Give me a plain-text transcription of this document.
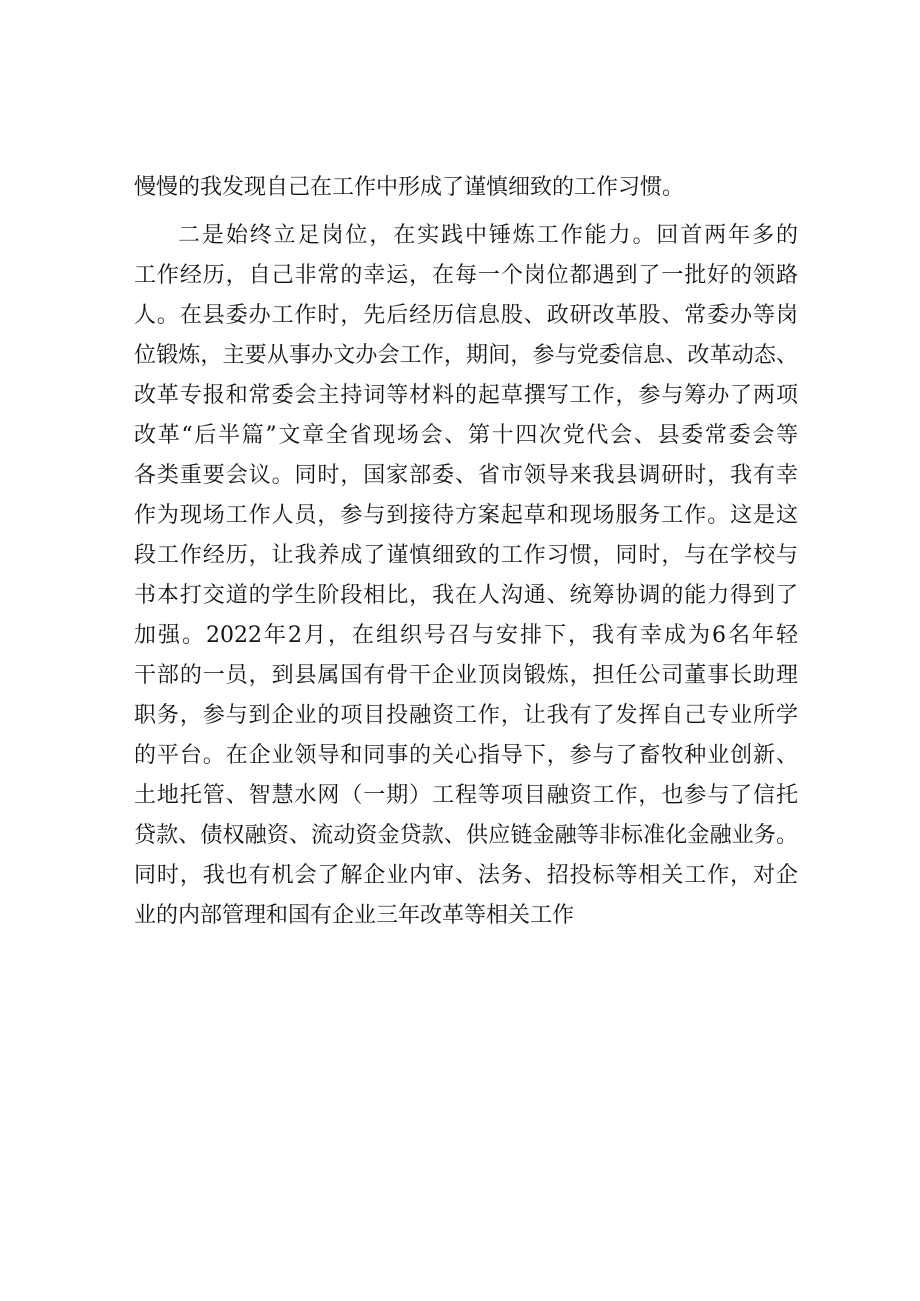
慢慢的我发现自己在工作中形成了谨慎细致的工作习惯。
二是始终立足岗位，在实践中锤炼工作能力。回首两年多的
工作经历，自己非常的幸运，在每一个岗位都遇到了一批好的领路
人。在县委办工作时，先后经历信息股、政研改革股、常委办等岗
位锻炼，主要从事办文办会工作，期间，参与党委信息、改革动态、
改革专报和常委会主持词等材料的起草撰写工作，参与筹办了两项
改革“后半篇”文章全省现场会、第十四次党代会、县委常委会等
各类重要会议。同时，国家部委、省市领导来我县调研时，我有幸
作为现场工作人员，参与到接待方案起草和现场服务工作。这是这
段工作经历，让我养成了谨慎细致的工作习惯，同时，与在学校与
书本打交道的学生阶段相比，我在人沟通、统筹协调的能力得到了
加强。2022年2月，在组织号召与安排下，我有幸成为6名年轻
干部的一员，到县属国有骨干企业顶岗锻炼，担任公司董事长助理
职务，参与到企业的项目投融资工作，让我有了发挥自己专业所学
的平台。在企业领导和同事的关心指导下，参与了畜牧种业创新、
土地托管、智慧水网（一期）工程等项目融资工作，也参与了信托
贷款、债权融资、流动资金贷款、供应链金融等非标准化金融业务。
同时，我也有机会了解企业内审、法务、招投标等相关工作，对企
业的内部管理和国有企业三年改革等相关工作
